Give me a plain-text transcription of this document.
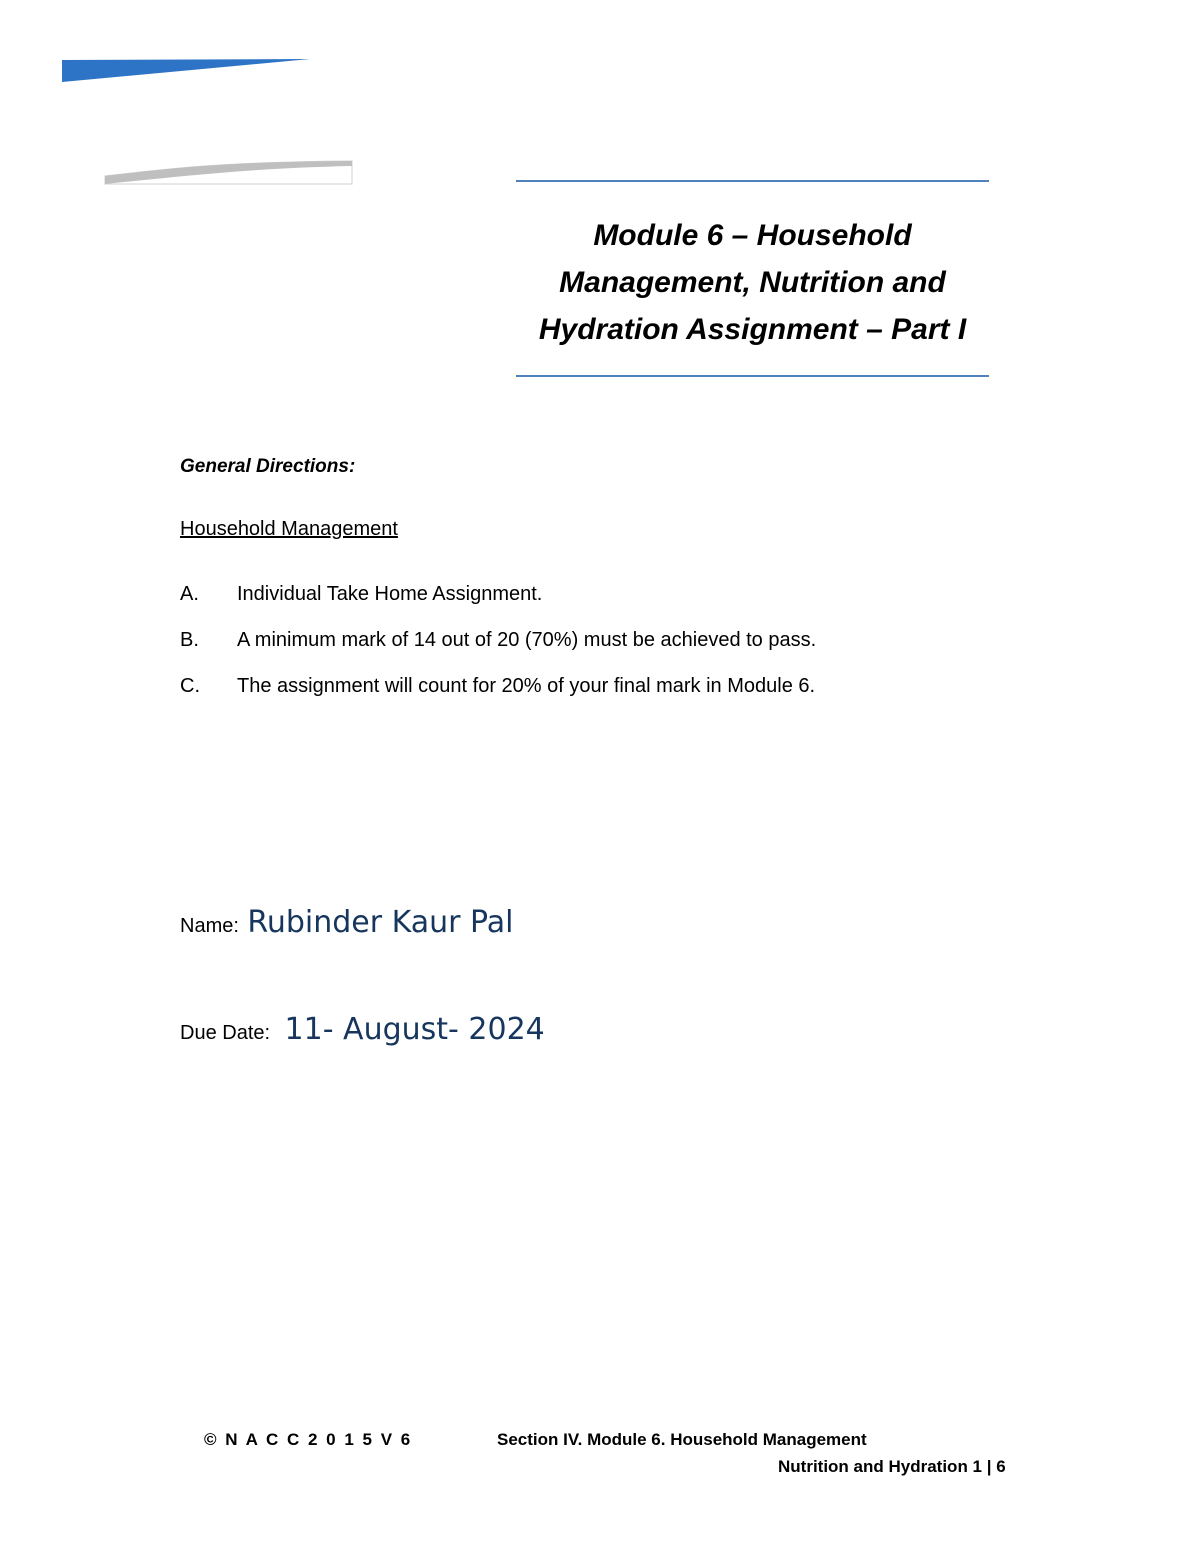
Module 6 – Household
Management, Nutrition and
Hydration Assignment – Part I
General Directions:
Household Management
A.	Individual Take Home Assignment.
B.	A minimum mark of 14 out of 20 (70%) must be achieved to pass.
C.	The assignment will count for 20% of your final mark in Module 6.
Name: Rubinder Kaur Pal
Due Date: 11- August- 2024
© N A C C 2 0 1 5 V 6	Section IV. Module 6. Household Management
Nutrition and Hydration 1 | 6
